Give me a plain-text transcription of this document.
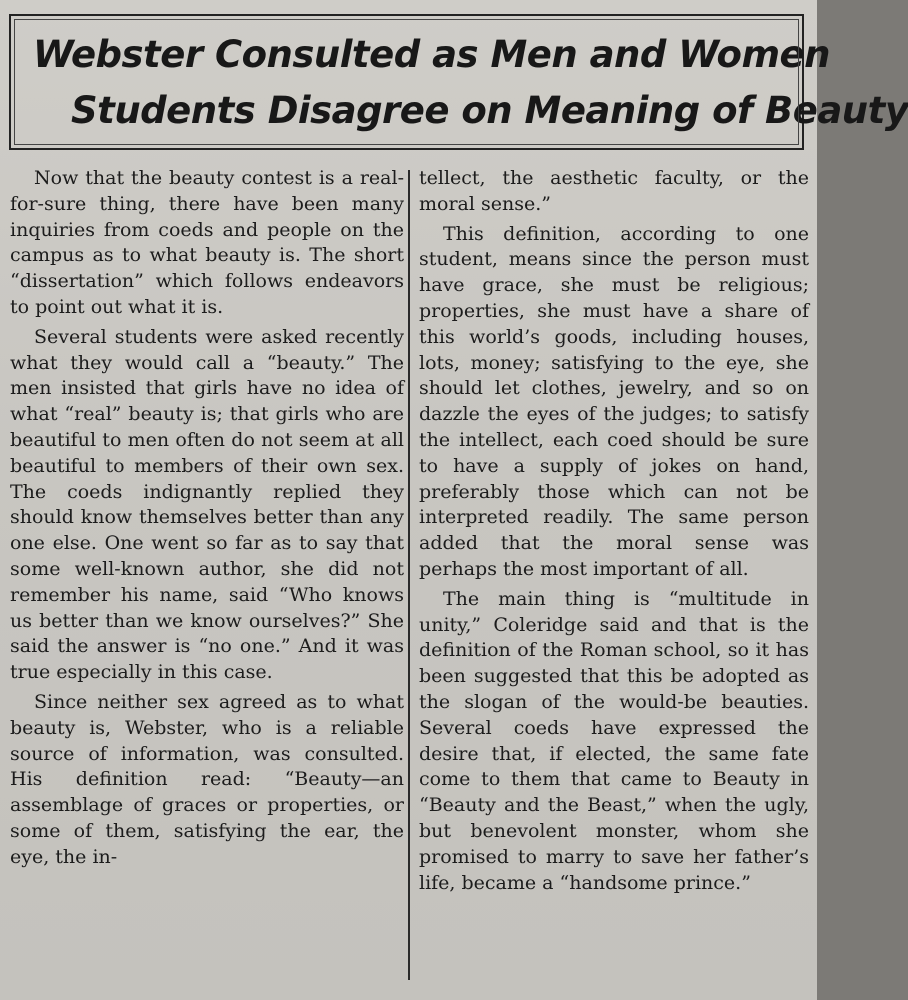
Webster Consulted as Men and Women
Students Disagree on Meaning of Beauty

Now that the beauty contest is a real-for-sure thing, there have been many inquiries from coeds and people on the campus as to what beauty is. The short “dissertation” which follows endeavors to point out what it is.

Several students were asked recently what they would call a “beauty.” The men insisted that girls have no idea of what “real” beauty is; that girls who are beautiful to men often do not seem at all beautiful to members of their own sex. The coeds indignantly replied they should know themselves better than any one else. One went so far as to say that some well-known author, she did not remember his name, said “Who knows us better than we know ourselves?” She said the answer is “no one.” And it was true especially in this case.

Since neither sex agreed as to what beauty is, Webster, who is a reliable source of information, was consulted. His definition read: “Beauty—an assemblage of graces or properties, or some of them, satisfying the ear, the eye, the in-

tellect, the aesthetic faculty, or the moral sense.”

This definition, according to one student, means since the person must have grace, she must be religious; properties, she must have a share of this world’s goods, including houses, lots, money; satisfying to the eye, she should let clothes, jewelry, and so on dazzle the eyes of the judges; to satisfy the intellect, each coed should be sure to have a supply of jokes on hand, preferably those which can not be interpreted readily. The same person added that the moral sense was perhaps the most important of all.

The main thing is “multitude in unity,” Coleridge said and that is the definition of the Roman school, so it has been suggested that this be adopted as the slogan of the would-be beauties. Several coeds have expressed the desire that, if elected, the same fate come to them that came to Beauty in “Beauty and the Beast,” when the ugly, but benevolent monster, whom she promised to marry to save her father’s life, became a “handsome prince.”
